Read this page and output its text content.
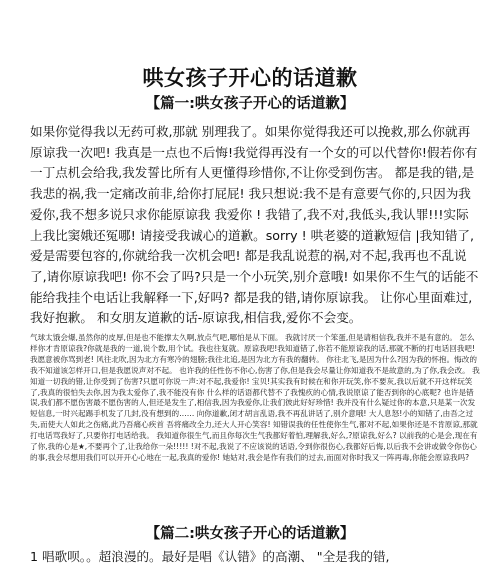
哄女孩子开心的话道歉
【篇一:哄女孩子开心的话道歉】

如果你觉得我以无药可救,那就 别理我了。如果你觉得我还可以挽救,那么你就再原谅我一次吧! 我真是一点也不后悔!我觉得再没有一个女的可以代替你!假若你有一丁点机会给我,我发誓比所有人更懂得珍惜你,不让你受到伤害。 都是我的错,是我悲的祸,我一定痛改前非,给你打屁屁! 我只想说:我不是有意要气你的,只因为我爱你,我不想多说只求你能原谅我 我爱你 ! 我错了,我不对,我低头,我认罪!!!实际上我比窦娥还冤哪! 请接受我诚心的道歉。sorry ! 哄老婆的道歉短信 |我知错了,爱是需要包容的,你就给我一次机会吧! 都是我乱说惹的祸,对不起,我再也不乱说了,请你原谅我吧! 你不会了吗?只是一个小玩笑,别介意哦! 如果你不生气的话能不能给我挂个电话让我解释一下,好吗? 都是我的错,请你原谅我。 让你心里面难过,我好抱歉。 和女朋友道歉的话-原谅我,相信我,爱你不会变。

气球太饿会爆,虽然你的皮厚,但是也不能撑太久啊,放点气吧,哪怕是从下面。 我就讨厌一个笨蛋,但是请相信我,我并不是有意的。 怎么样你才肯原谅我?你就是我的一道,说个数,用个试。我也往复就。原谅我吧!我知道错了,你若不能原谅我的话,那就不断的打电话回我吧!我愿意被你骂到老! 风往北吹,因为北方有寒冷的翅膀;我往北追,是因为北方有我的翻转。 你往北飞,是因为什么?因为我的怀抱。悔改的我不知道该怎样开口,但是我愿说声对不起。 也许我的任性伤不你心,伤害了你,但是我会尽量让你知道我不是故意的,为了你,我会改。 我知道一切我的错,让你受到了伤害?只愿可你说一声:对不起,我爱你! 宝贝!其实我有时候在和你开玩笑,你不要灰,我以后就不开这样玩笑了,我真的很怕失去你,因为我太爱你了,我不能没有你 什么样的话语都代替不了我愧疚的心情,我说原谅了能否到你的心底呢? 也许是错误,我们都不愿伤害最不愿伤害的人,但还是发生了,相信我,因为我爱你,让我们彼此好好珍惜! 我并没有什么疑过你的本意,只是某一次发短信息,一时兴起踢手机发了几封,没有想到的…… 向你道歉,闭才胡言乱语,我不再乱讲话了,别介意哦! 大人息怒!小的知错了,由吾之过失,而使大人如此之伤痛,此乃吾痛心疾首 吾将痛改全力,还大人开心笑容! 知错误我的任性使你生气,都对不起,如果你还是不肯原谅,那就打电话骂我好了,只要你打电话给我。 我知道你很生气,而且你每次生气我都好着怕,理解我,好么,?原谅我,好么? 以前我的心是会,现在有了你,我的心是★,不要再个了,让我给你一朵!!!!! !对不起,我说了不应该说的话语,令到你很伤心,我都好后悔,以后我不会讲或做令你伤心的事,我会尽想用我们可以开开心心地在一起,我真的爱你! 她姑对,我会是作有我们的过去,而面对你时我又一阵再毒,你能会原谅我吗?

【篇二:哄女孩子开心的话道歉】

1 唱歌呗。。超浪漫的。最好是唱《认错》的高潮、 "全是我的错,
